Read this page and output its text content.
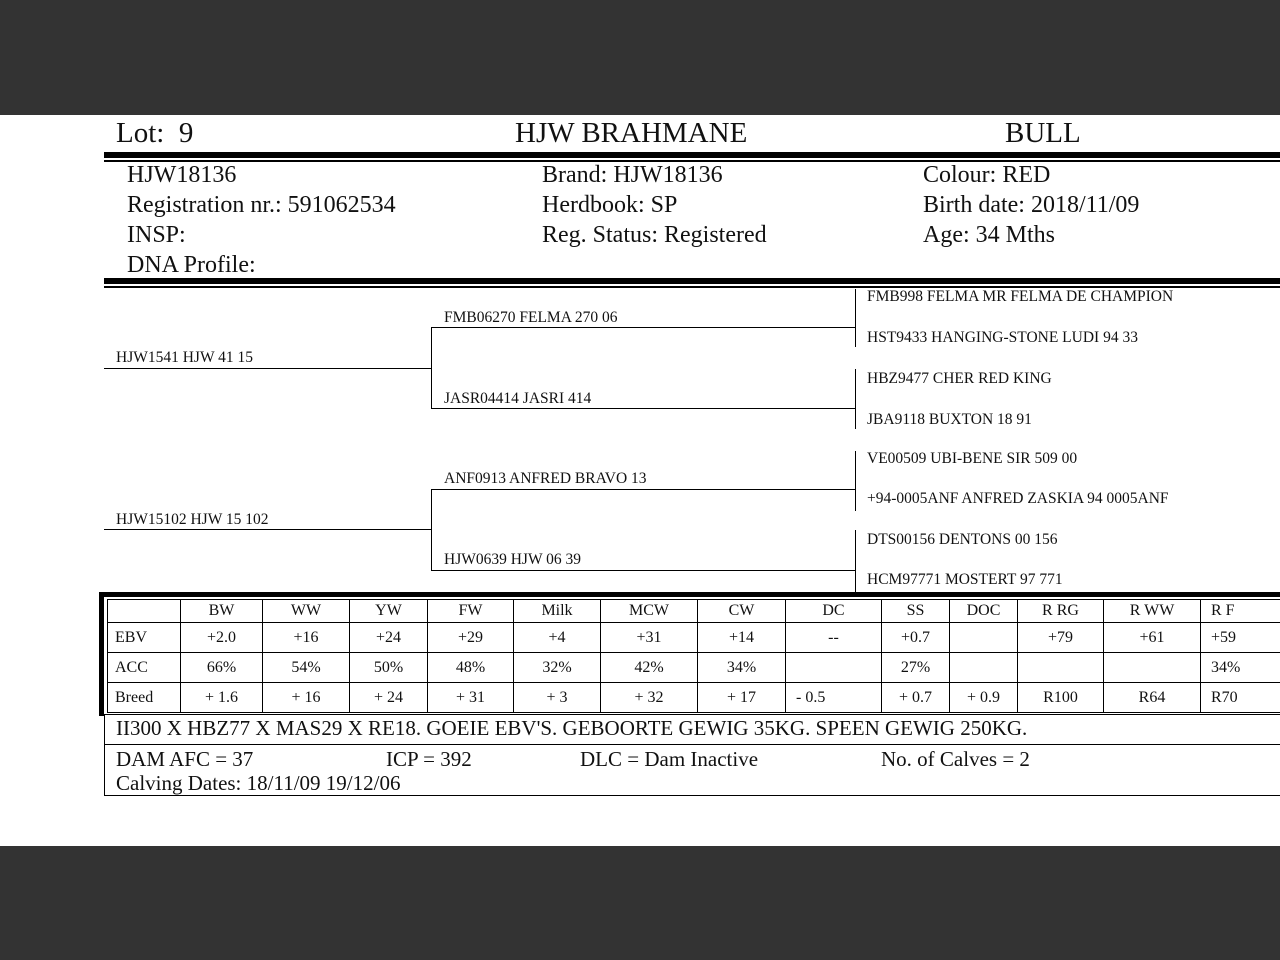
Lot: 9	HJW BRAHMANE	BULL
HJW18136
Registration nr.: 591062534
INSP:
DNA Profile:
Brand: HJW18136
Herdbook: SP
Reg. Status: Registered
Colour: RED
Birth date: 2018/11/09
Age: 34 Mths
HJW1541 HJW 41 15
HJW15102 HJW 15 102
FMB06270 FELMA 270 06
JASR04414 JASRI 414
ANF0913 ANFRED BRAVO 13
HJW0639 HJW 06 39
FMB998 FELMA MR FELMA DE CHAMPION
HST9433 HANGING-STONE LUDI 94 33
HBZ9477 CHER RED KING
JBA9118 BUXTON 18 91
VE00509 UBI-BENE SIR 509 00
+94-0005ANF ANFRED ZASKIA 94 0005ANF
DTS00156 DENTONS 00 156
HCM97771 MOSTERT 97 771
	BW	WW	YW	FW	Milk	MCW	CW	DC	SS	DOC	R RG	R WW	R F
EBV	+2.0	+16	+24	+29	+4	+31	+14	--	+0.7		+79	+61	+59
ACC	66%	54%	50%	48%	32%	42%	34%		27%				34%
Breed	+ 1.6	+ 16	+ 24	+ 31	+ 3	+ 32	+ 17	- 0.5	+ 0.7	+ 0.9	R100	R64	R70
II300 X HBZ77 X MAS29 X RE18. GOEIE EBV'S. GEBOORTE GEWIG 35KG. SPEEN GEWIG 250KG.
DAM AFC = 37	ICP = 392	DLC = Dam Inactive	No. of Calves = 2
Calving Dates: 18/11/09 19/12/06
